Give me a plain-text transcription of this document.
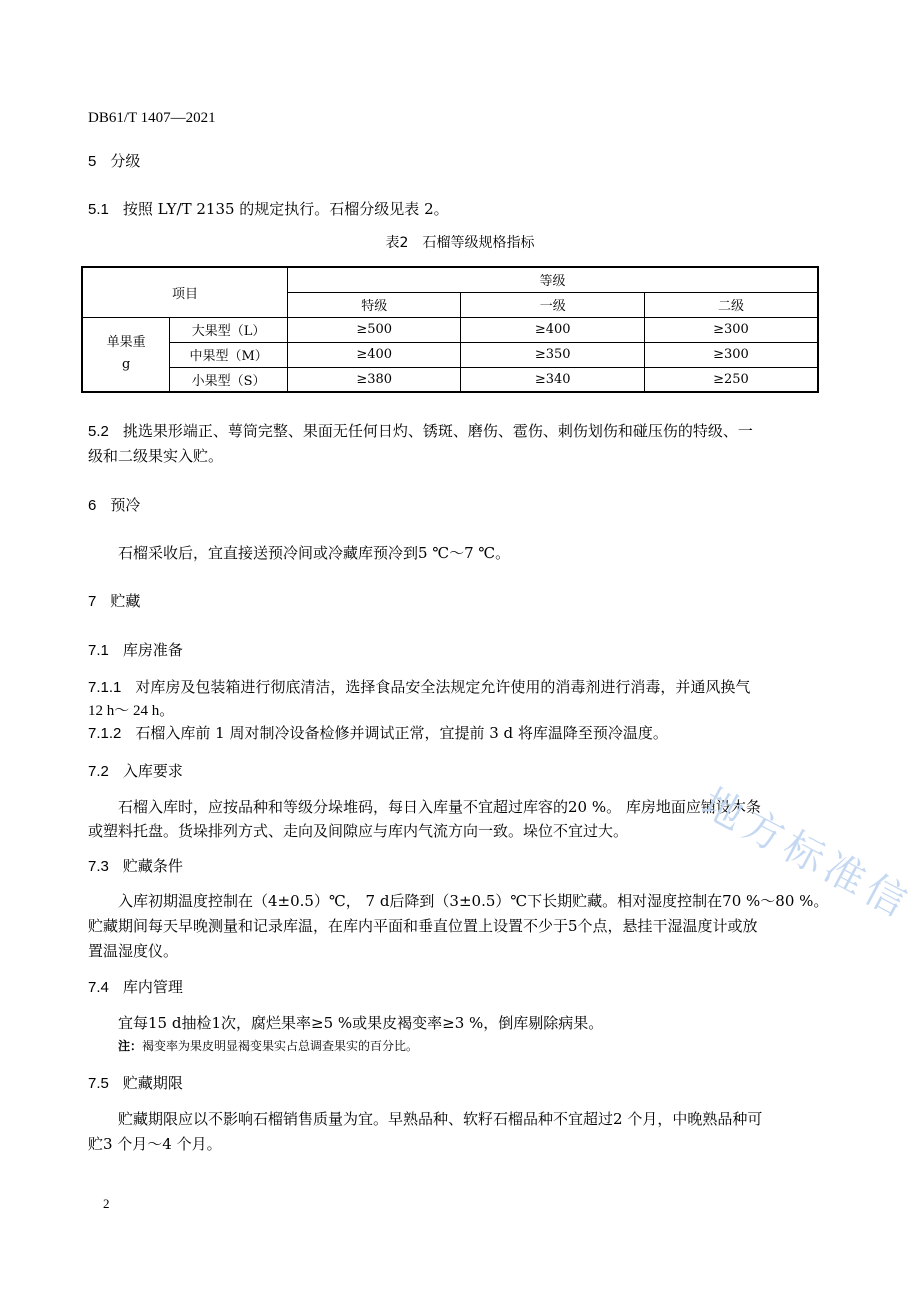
DB61/T 1407—2021
5 分级
5.1 按照 LY/T 2135 的规定执行。石榴分级见表 2。
表2　石榴等级规格指标
项目		等级		
		特级	一级	二级

单果重
g	大果型（L）	≥500	≥400	≥300
	中果型（M）	≥400	≥350	≥300
	小果型（S）	≥380	≥340	≥250
5.2 挑选果形端正、萼筒完整、果面无任何日灼、锈斑、磨伤、雹伤、刺伤划伤和碰压伤的特级、一
级和二级果实入贮。
6 预冷
石榴采收后，宜直接送预冷间或冷藏库预冷到5 ℃～7 ℃。
7 贮藏
7.1 库房准备
7.1.1 对库房及包装箱进行彻底清洁，选择食品安全法规定允许使用的消毒剂进行消毒，并通风换气
12 h～ 24 h。
7.1.2 石榴入库前 1 周对制冷设备检修并调试正常，宜提前 3 d 将库温降至预冷温度。
7.2 入库要求
石榴入库时，应按品种和等级分垛堆码，每日入库量不宜超过库容的20 %。 库房地面应铺设木条
或塑料托盘。货垛排列方式、走向及间隙应与库内气流方向一致。垛位不宜过大。
7.3 贮藏条件
入库初期温度控制在（4±0.5）℃， 7 d后降到（3±0.5）℃下长期贮藏。相对湿度控制在70 %～80 %。
贮藏期间每天早晚测量和记录库温，在库内平面和垂直位置上设置不少于5个点，悬挂干湿温度计或放
置温湿度仪。
7.4 库内管理
宜每15 d抽检1次，腐烂果率≥5 %或果皮褐变率≥3 %，倒库剔除病果。
注：褐变率为果皮明显褐变果实占总调查果实的百分比。
7.5 贮藏期限
贮藏期限应以不影响石榴销售质量为宜。早熟品种、软籽石榴品种不宜超过2 个月，中晚熟品种可
贮3 个月～4 个月。
地方标准信
2
